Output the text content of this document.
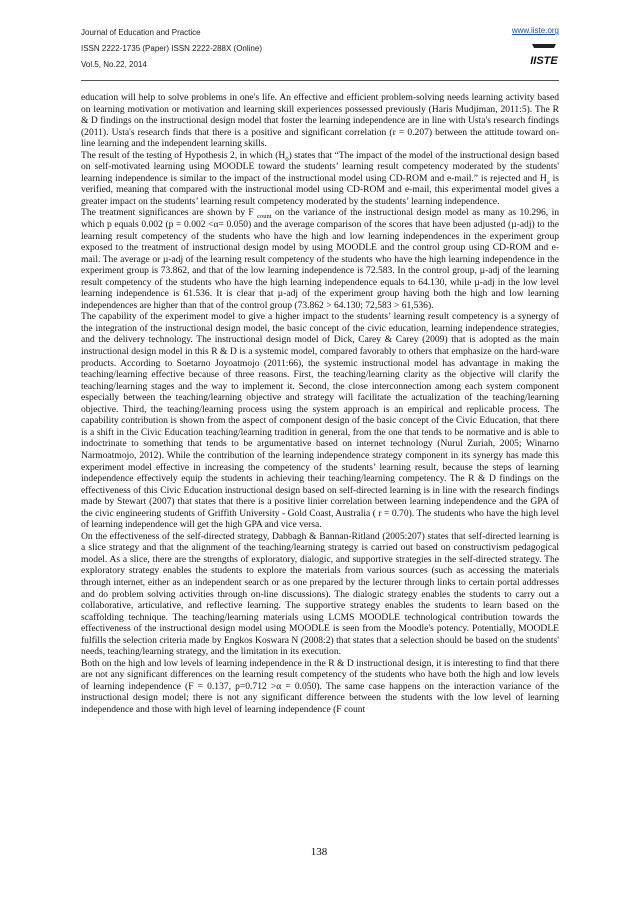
Journal of Education and Practice
ISSN 2222-1735 (Paper) ISSN 2222-288X (Online)
Vol.5, No.22, 2014
www.iiste.org
IISTE

education will help to solve problems in one's life. An effective and efficient problem-solving needs learning activity based on learning motivation or motivation and learning skill experiences possessed previously (Haris Mudjiman, 2011:5). The R & D findings on the instructional design model that foster the learning independence are in line with Usta's research findings (2011). Usta's research finds that there is a positive and significant correlation (r = 0.207) between the attitude toward on-line learning and the independent learning skills.

The result of the testing of Hypothesis 2, in which $(H_0)$ states that “The impact of the model of the instructional design based on self-motivated learning using MOODLE toward the students’ learning result competency moderated by the students' learning independence is similar to the impact of the instructional model using CD-ROM and e-mail.” is rejected and $H_a$ is verified, meaning that compared with the instructional model using CD-ROM and e-mail, this experimental model gives a greater impact on the students’ learning result competency moderated by the students’ learning independence.

The treatment significances are shown by F $_{count}$ on the variance of the instructional design model as many as 10.296, in which p equals 0.002 (p = 0.002 <α= 0.050) and the average comparison of the scores that have been adjusted (µ-adj) to the learning result competency of the students who have the high and low learning independences in the experiment group exposed to the treatment of instructional design model by using MOODLE and the control group using CD-ROM and e-mail. The average or µ-adj of the learning result competency of the students who have the high learning independence in the experiment group is 73.862, and that of the low learning independence is 72.583. In the control group, µ-adj of the learning result competency of the students who have the high learning independence equals to 64.130, while µ-adj in the low level learning independence is 61.536. It is clear that µ-adj of the experiment group having both the high and low learning independences are higher than that of the control group (73.862 > 64.130; 72,583 > 61,536).

The capability of the experiment model to give a higher impact to the students’ learning result competency is a synergy of the integration of the instructional design model, the basic concept of the civic education, learning independence strategies, and the delivery technology. The instructional design model of Dick, Carey & Carey (2009) that is adopted as the main instructional design model in this R & D is a systemic model, compared favorably to others that emphasize on the hard-ware products. According to Soetarno Joyoatmojo (2011:66), the systemic instructional model has advantage in making the teaching/learning effective because of three reasons. First, the teaching/learning clarity as the objective will clarify the teaching/learning stages and the way to implement it. Second, the close interconnection among each system component especially between the teaching/learning objective and strategy will facilitate the actualization of the teaching/learning objective. Third, the teaching/learning process using the system approach is an empirical and replicable process. The capability contribution is shown from the aspect of component design of the basic concept of the Civic Education, that there is a shift in the Civic Education teaching/learning tradition in general, from the one that tends to be normative and is able to indoctrinate to something that tends to be argumentative based on internet technology (Nurul Zuriah, 2005; Winarno Narmoatmojo, 2012). While the contribution of the learning independence strategy component in its synergy has made this experiment model effective in increasing the competency of the students’ learning result, because the steps of learning independence effectively equip the students in achieving their teaching/learning competency. The R & D findings on the effectiveness of this Civic Education instructional design based on self-directed learning is in line with the research findings made by Stewart (2007) that states that there is a positive linier correlation between learning independence and the GPA of the civic engineering students of Griffith University - Gold Coast, Australia ( r = 0.70). The students who have the high level of learning independence will get the high GPA and vice versa.

On the effectiveness of the self-directed strategy, Dabbagh & Bannan-Ritland (2005:207) states that self-directed learning is a slice strategy and that the alignment of the teaching/learning strategy is carried out based on constructivism pedagogical model. As a slice, there are the strengths of exploratory, dialogic, and supportive strategies in the self-directed strategy. The exploratory strategy enables the students to explore the materials from various sources (such as accessing the materials through internet, either as an independent search or as one prepared by the lecturer through links to certain portal addresses and do problem solving activities through on-line discussions). The dialogic strategy enables the students to carry out a collaborative, articulative, and reflective learning. The supportive strategy enables the students to learn based on the scaffolding technique. The teaching/learning materials using LCMS MOODLE technological contribution towards the effectiveness of the instructional design model using MOODLE is seen from the Moodle's potency. Potentially, MOODLE fulfills the selection criteria made by Engkos Koswara N (2008:2) that states that a selection should be based on the students' needs, teaching/learning strategy, and the limitation in its execution.

Both on the high and low levels of learning independence in the R & D instructional design, it is interesting to find that there are not any significant differences on the learning result competency of the students who have both the high and low levels of learning independence (F = 0.137, p=0.712 >α = 0.050). The same case happens on the interaction variance of the instructional design model; there is not any significant difference between the students with the low level of learning independence and those with high level of learning independence (F count

138
